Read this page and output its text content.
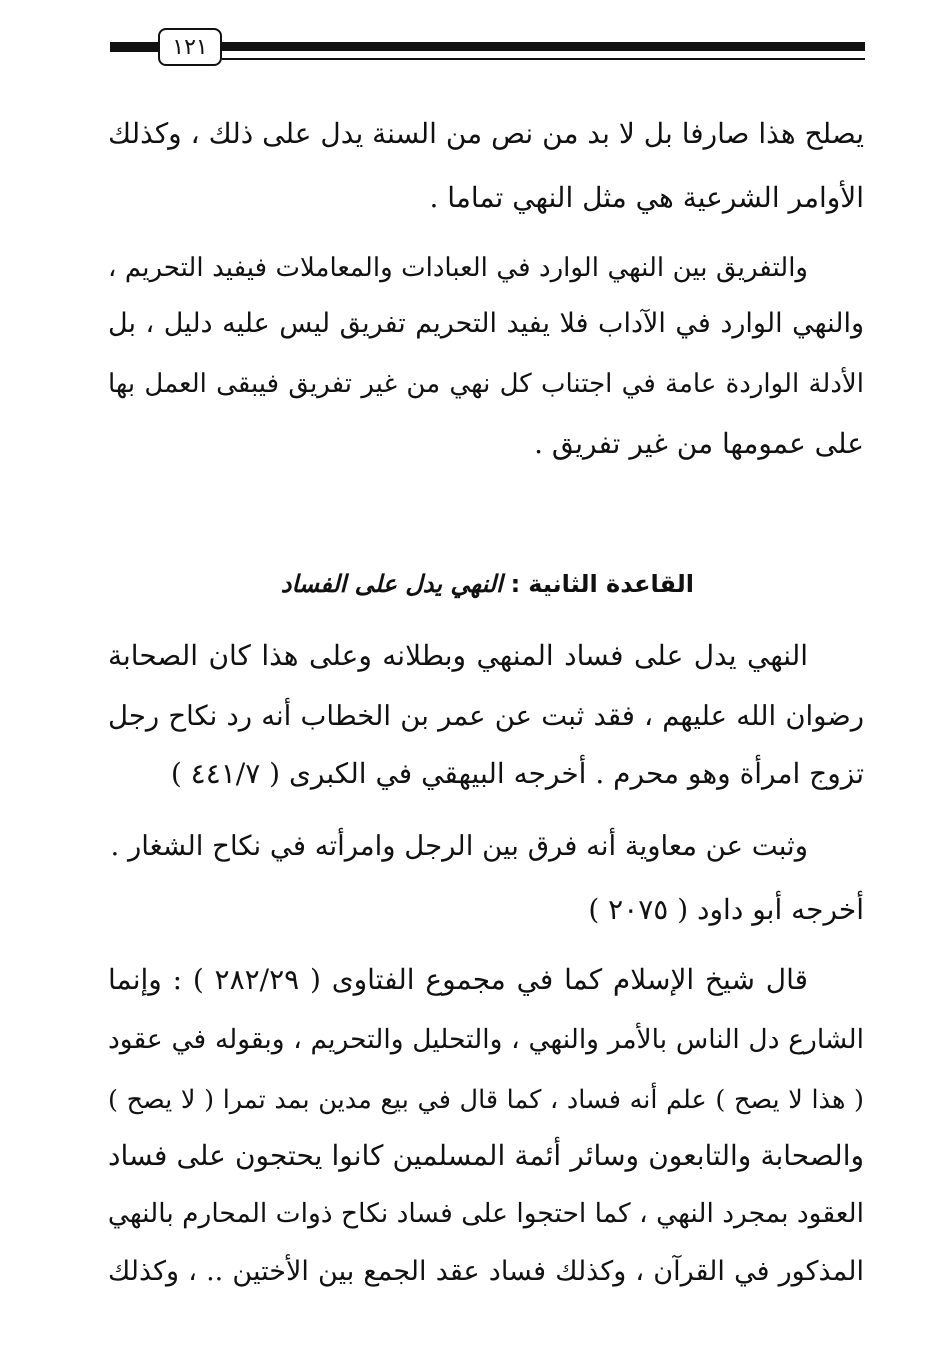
١٢١
يصلح هذا صارفا بل لا بد من نص من السنة يدل على ذلك ، وكذلك
الأوامر الشرعية هي مثل النهي تماما .
والتفريق بين النهي الوارد في العبادات والمعاملات فيفيد التحريم ،
والنهي الوارد في الآداب فلا يفيد التحريم تفريق ليس عليه دليل ، بل
الأدلة الواردة عامة في اجتناب كل نهي من غير تفريق فيبقى العمل بها
على عمومها من غير تفريق .
القاعدة الثانية:النهي يدل على الفساد
النهي يدل على فساد المنهي وبطلانه وعلى هذا كان الصحابة
رضوان الله عليهم ، فقد ثبت عن عمر بن الخطاب أنه رد نكاح رجل
تزوج امرأة وهو محرم . أخرجه البيهقي في الكبرى ( ٤٤١/٧ )
وثبت عن معاوية أنه فرق بين الرجل وامرأته في نكاح الشغار .
أخرجه أبو داود ( ٢٠٧٥ )
قال شيخ الإسلام كما في مجموع الفتاوى ( ٢٨٢/٢٩ ) : وإنما
الشارع دل الناس بالأمر والنهي ، والتحليل والتحريم ، وبقوله في عقود
( هذا لا يصح ) علم أنه فساد ، كما قال في بيع مدين بمد تمرا ( لا يصح )
والصحابة والتابعون وسائر أئمة المسلمين كانوا يحتجون على فساد
العقود بمجرد النهي ، كما احتجوا على فساد نكاح ذوات المحارم بالنهي
المذكور في القرآن ، وكذلك فساد عقد الجمع بين الأختين .. ، وكذلك
